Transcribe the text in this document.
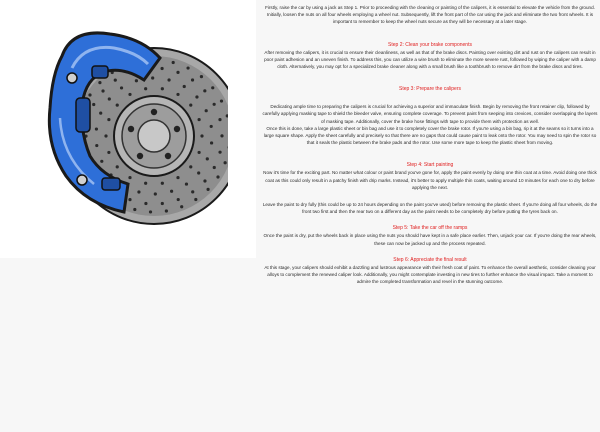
Firstly, raise the car by using a jack as Step 1. Prior to proceeding with the cleaning or painting of the calipers, it is essential to elevate the vehicle from the ground. Initially, loosen the nuts on all four wheels employing a wheel nut. Subsequently, lift the front part of the car using the jack and eliminate the two front wheels. It is important to remember to keep the wheel nuts secure as they will be necessary at a later stage.

Step 2: Clean your brake components

After removing the calipers, it is crucial to ensure their cleanliness, as well as that of the brake discs. Painting over existing dirt and rust on the calipers can result in poor paint adhesion and an uneven finish. To address this, you can utilize a wire brush to eliminate the more severe rust, followed by wiping the caliper with a damp cloth. Alternatively, you may opt for a specialized brake cleaner along with a small brush like a toothbrush to remove dirt from the brake discs and tires.

Step 3: Prepare the calipers

Dedicating ample time to preparing the calipers is crucial for achieving a superior and immaculate finish. Begin by removing the front retainer clip, followed by carefully applying masking tape to shield the bleeder valve, ensuring complete coverage. To prevent paint from seeping into crevices, consider overlapping the layers of masking tape. Additionally, cover the brake hose fittings with tape to provide them with protection as well.

Once this is done, take a large plastic sheet or bin bag and use it to completely cover the brake rotor. If you're using a bin bag, rip it at the seams so it turns into a large square shape. Apply the sheet carefully and precisely so that there are no gaps that could cause paint to leak onto the rotor. You may need to spin the rotor so that it seals the plastic between the brake pads and the rotor. Use some more tape to keep the plastic sheet from moving.

Step 4: Start painting

Now it's time for the exciting part. No matter what colour or paint brand you've gone for, apply the paint evenly by doing one thin coat at a time. Avoid doing one thick coat as this could only result in a patchy finish with drip marks. Instead, it's better to apply multiple thin coats, waiting around 10 minutes for each one to dry before applying the next.

Leave the paint to dry fully (this could be up to 24 hours depending on the paint you've used) before removing the plastic sheet. If you're doing all four wheels, do the front two first and then the rear two on a different day as the paint needs to be completely dry before putting the tyres back on.

Step 5: Take the car off the ramps

Once the paint is dry, put the wheels back in place using the nuts you should have kept in a safe place earlier. Then, unjack your car. If you're doing the rear wheels, these can now be jacked up and the process repeated.

Step 6: Appreciate the final result

At this stage, your calipers should exhibit a dazzling and lustrous appearance with their fresh coat of paint. To enhance the overall aesthetic, consider cleaning your alloys to complement the renewed caliper look. Additionally, you might contemplate investing in new tires to further enhance the visual impact. Take a moment to admire the completed transformation and revel in the stunning outcome.
